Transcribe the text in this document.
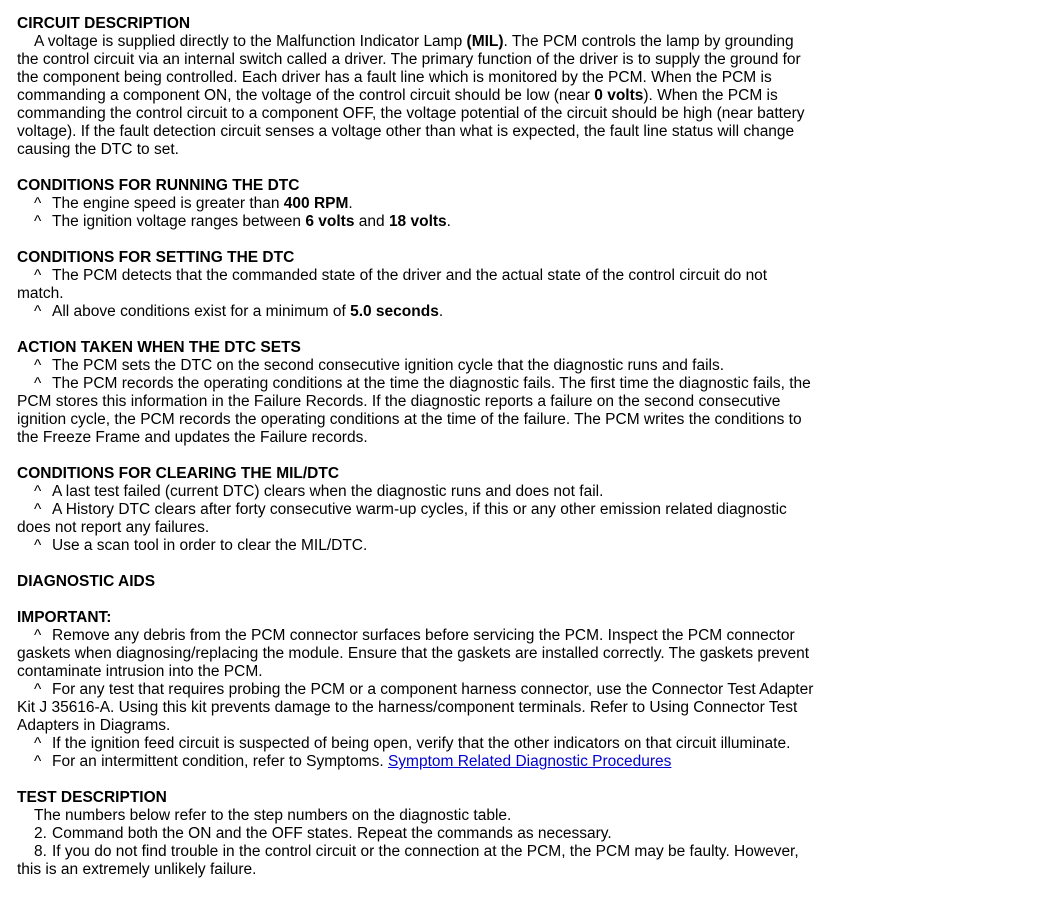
CIRCUIT DESCRIPTION
A voltage is supplied directly to the Malfunction Indicator Lamp (MIL). The PCM controls the lamp by grounding the control circuit via an internal switch called a driver. The primary function of the driver is to supply the ground for the component being controlled. Each driver has a fault line which is monitored by the PCM. When the PCM is commanding a component ON, the voltage of the control circuit should be low (near 0 volts). When the PCM is commanding the control circuit to a component OFF, the voltage potential of the circuit should be high (near battery voltage). If the fault detection circuit senses a voltage other than what is expected, the fault line status will change causing the DTC to set.
CONDITIONS FOR RUNNING THE DTC
^ The engine speed is greater than 400 RPM.
^ The ignition voltage ranges between 6 volts and 18 volts.
CONDITIONS FOR SETTING THE DTC
^ The PCM detects that the commanded state of the driver and the actual state of the control circuit do not match.
^ All above conditions exist for a minimum of 5.0 seconds.
ACTION TAKEN WHEN THE DTC SETS
^ The PCM sets the DTC on the second consecutive ignition cycle that the diagnostic runs and fails.
^ The PCM records the operating conditions at the time the diagnostic fails. The first time the diagnostic fails, the PCM stores this information in the Failure Records. If the diagnostic reports a failure on the second consecutive ignition cycle, the PCM records the operating conditions at the time of the failure. The PCM writes the conditions to the Freeze Frame and updates the Failure records.
CONDITIONS FOR CLEARING THE MIL/DTC
^ A last test failed (current DTC) clears when the diagnostic runs and does not fail.
^ A History DTC clears after forty consecutive warm-up cycles, if this or any other emission related diagnostic does not report any failures.
^ Use a scan tool in order to clear the MIL/DTC.
DIAGNOSTIC AIDS
IMPORTANT:
^ Remove any debris from the PCM connector surfaces before servicing the PCM. Inspect the PCM connector gaskets when diagnosing/replacing the module. Ensure that the gaskets are installed correctly. The gaskets prevent contaminate intrusion into the PCM.
^ For any test that requires probing the PCM or a component harness connector, use the Connector Test Adapter Kit J 35616-A. Using this kit prevents damage to the harness/component terminals. Refer to Using Connector Test Adapters in Diagrams.
^ If the ignition feed circuit is suspected of being open, verify that the other indicators on that circuit illuminate.
^ For an intermittent condition, refer to Symptoms. Symptom Related Diagnostic Procedures
TEST DESCRIPTION
The numbers below refer to the step numbers on the diagnostic table.
2. Command both the ON and the OFF states. Repeat the commands as necessary.
8. If you do not find trouble in the control circuit or the connection at the PCM, the PCM may be faulty. However, this is an extremely unlikely failure.
